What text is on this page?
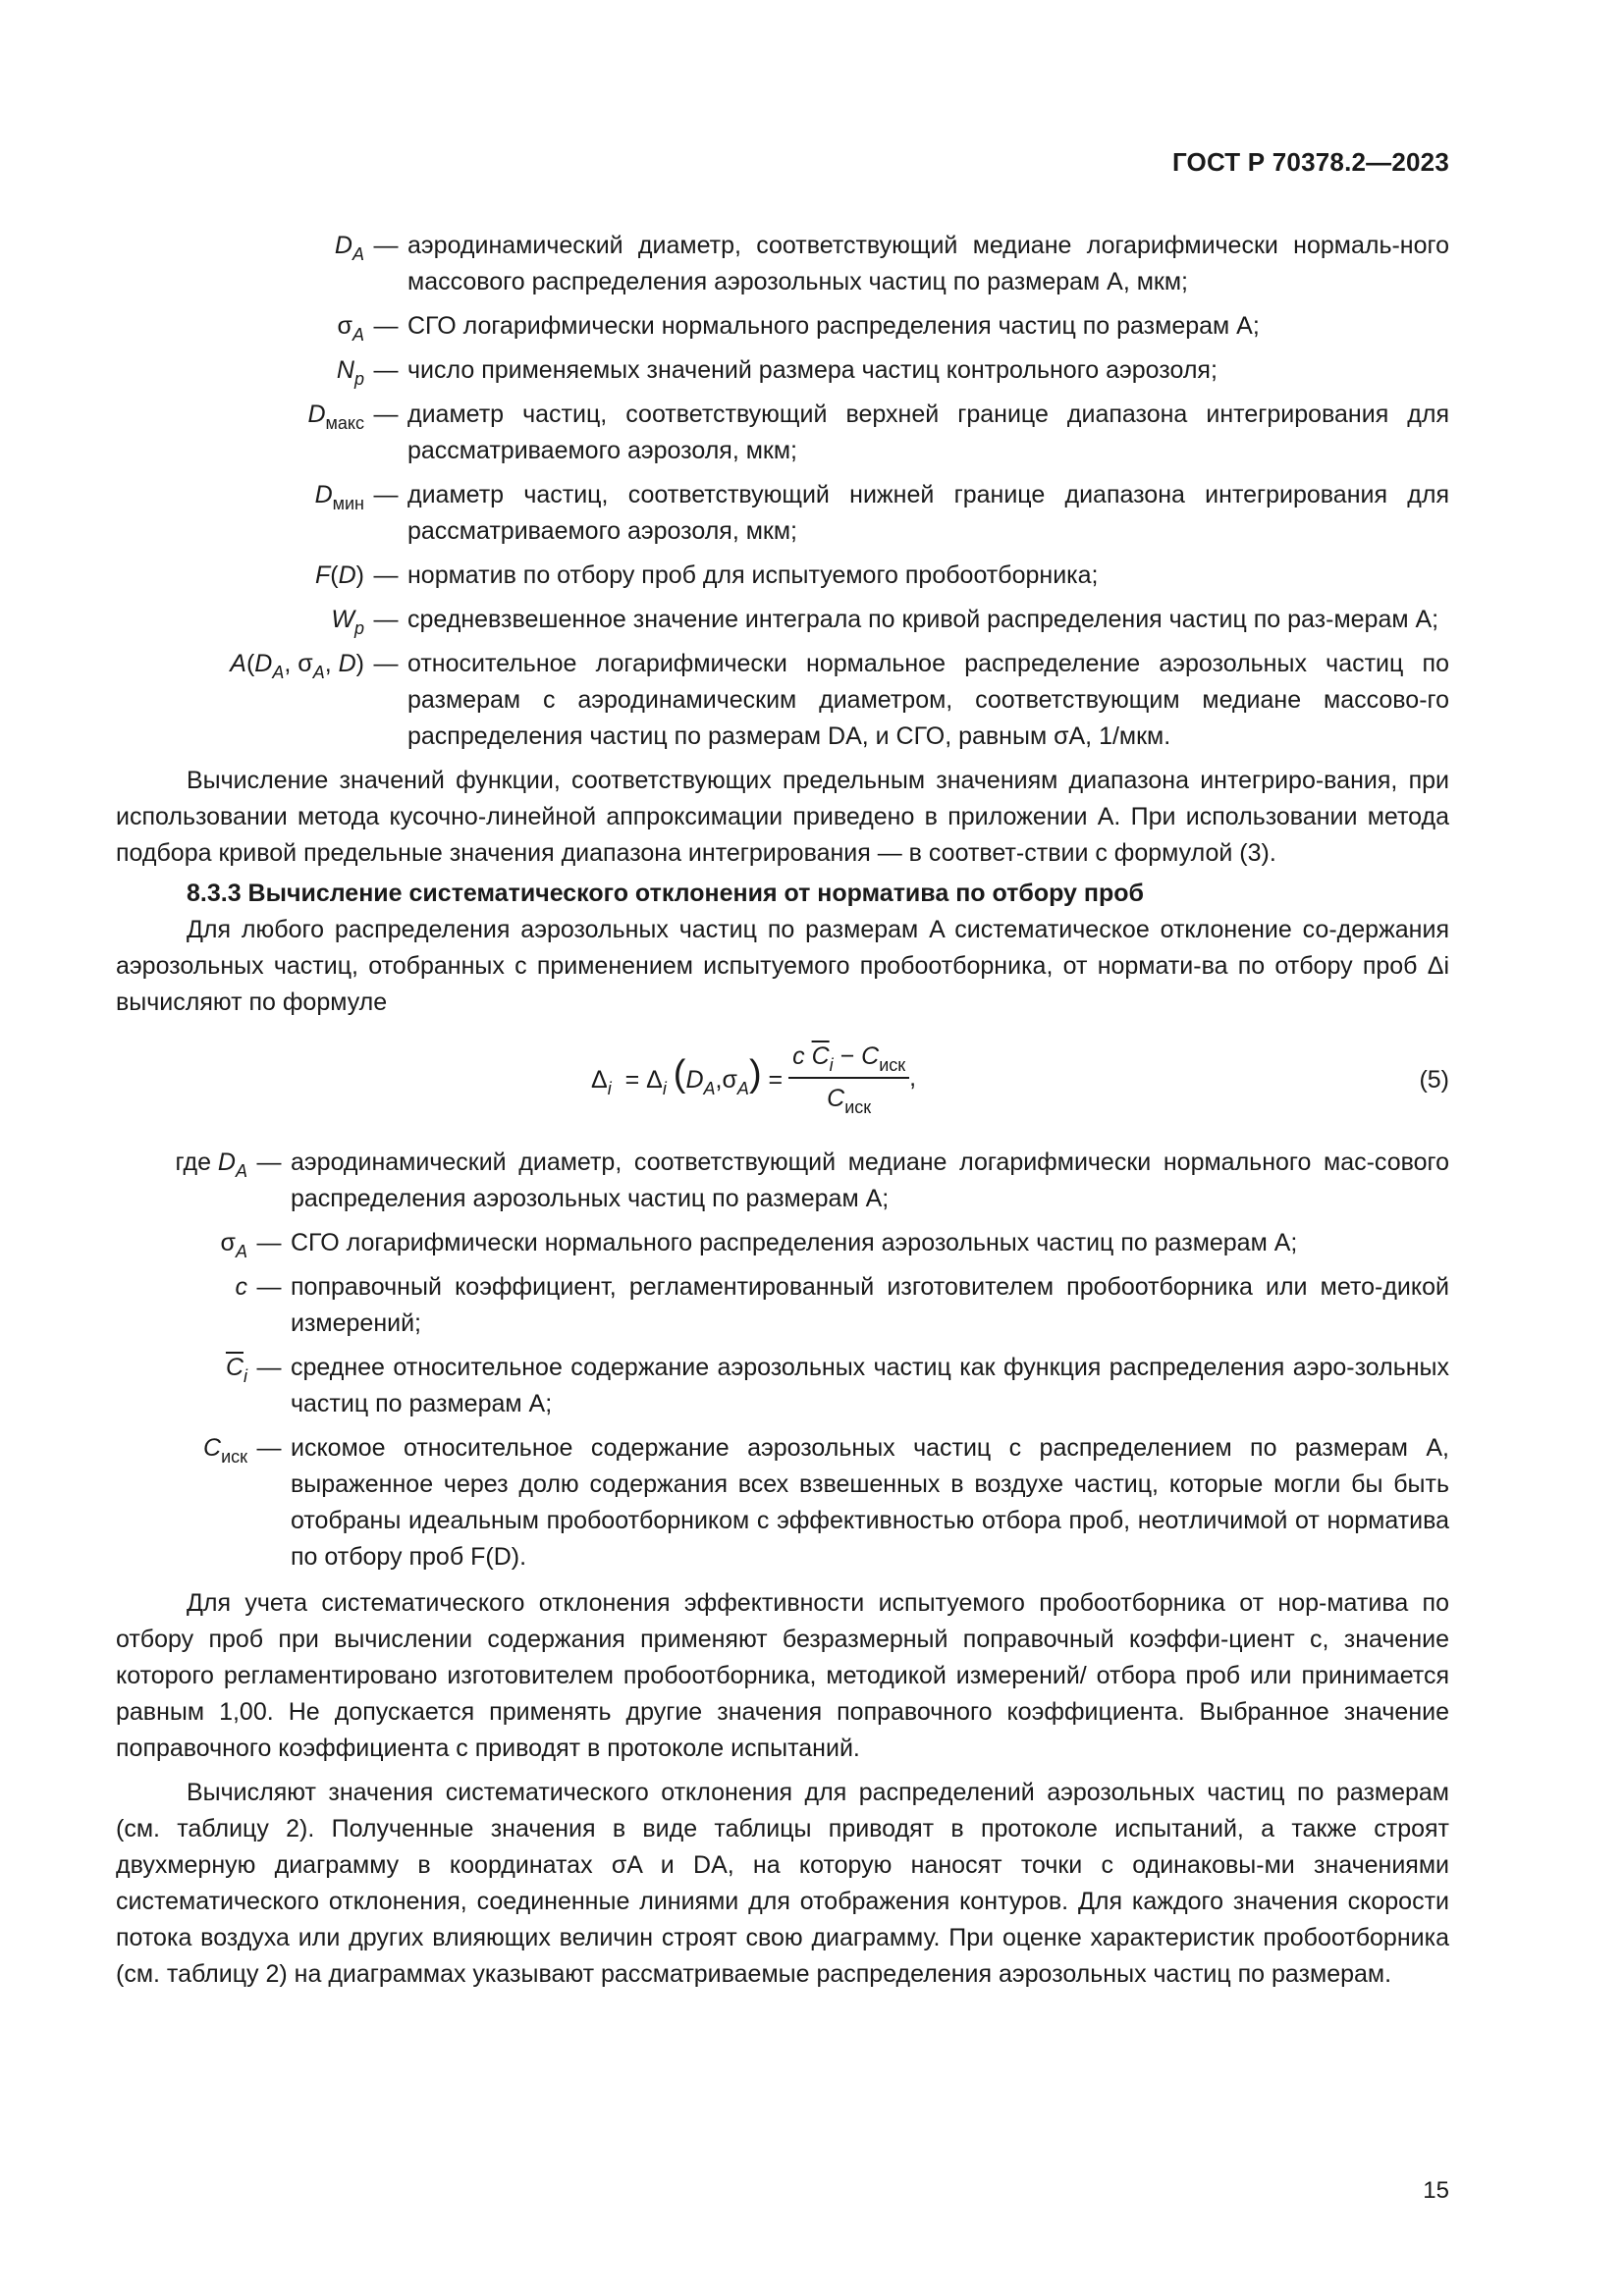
ГОСТ Р 70378.2—2023
$D_A$ — аэродинамический диаметр, соответствующий медиане логарифмически нормаль-ного массового распределения аэрозольных частиц по размерам A, мкм;
$\sigma_A$ — СГО логарифмически нормального распределения частиц по размерам A;
$N_p$ — число применяемых значений размера частиц контрольного аэрозоля;
$D_{макс}$ — диаметр частиц, соответствующий верхней границе диапазона интегрирования для рассматриваемого аэрозоля, мкм;
$D_{мин}$ — диаметр частиц, соответствующий нижней границе диапазона интегрирования для рассматриваемого аэрозоля, мкм;
F(D) — норматив по отбору проб для испытуемого пробоотборника;
$W_p$ — средневзвешенное значение интеграла по кривой распределения частиц по раз-мерам A;
$A(D_A$, $\sigma_A$, D) — относительное логарифмически нормальное распределение аэрозольных частиц по размерам с аэродинамическим диаметром, соответствующим медиане массово-го распределения частиц по размерам DA, и СГО, равным σA, 1/мкм.

Вычисление значений функции, соответствующих предельным значениям диапазона интегриро-вания, при использовании метода кусочно-линейной аппроксимации приведено в приложении А. При использовании метода подбора кривой предельные значения диапазона интегрирования — в соответ-ствии с формулой (3).

8.3.3 Вычисление систематического отклонения от норматива по отбору проб

Для любого распределения аэрозольных частиц по размерам A систематическое отклонение со-держания аэрозольных частиц, отобранных с применением испытуемого пробоотборника, от нормати-ва по отбору проб Δi вычисляют по формуле

$\Delta_i = \Delta_i$ $(D_A,\sigma_A) = \frac{c \overline{C}_i - C_{иск}}{C_{иск}}$ ,	(5)
где $D_A$ — аэродинамический диаметр, соответствующий медиане логарифмически нормального мас-сового распределения аэрозольных частиц по размерам A;
$\sigma_A$ — СГО логарифмически нормального распределения аэрозольных частиц по размерам A;
c — поправочный коэффициент, регламентированный изготовителем пробоотборника или мето-дикой измерений;
$\overline{C}_i$ — среднее относительное содержание аэрозольных частиц как функция распределения аэро-зольных частиц по размерам A;
$C_{иск}$ — искомое относительное содержание аэрозольных частиц с распределением по размерам A, выраженное через долю содержания всех взвешенных в воздухе частиц, которые могли бы быть отобраны идеальным пробоотборником с эффективностью отбора проб, неотличимой от норматива по отбору проб F(D).

Для учета систематического отклонения эффективности испытуемого пробоотборника от нор-матива по отбору проб при вычислении содержания применяют безразмерный поправочный коэффи-циент c, значение которого регламентировано изготовителем пробоотборника, методикой измерений/ отбора проб или принимается равным 1,00. Не допускается применять другие значения поправочного коэффициента. Выбранное значение поправочного коэффициента c приводят в протоколе испытаний.

Вычисляют значения систематического отклонения для распределений аэрозольных частиц по размерам (см. таблицу 2). Полученные значения в виде таблицы приводят в протоколе испытаний, а также строят двухмерную диаграмму в координатах σA и DA, на которую наносят точки с одинаковы-ми значениями систематического отклонения, соединенные линиями для отображения контуров. Для каждого значения скорости потока воздуха или других влияющих величин строят свою диаграмму. При оценке характеристик пробоотборника (см. таблицу 2) на диаграммах указывают рассматриваемые распределения аэрозольных частиц по размерам.

15
